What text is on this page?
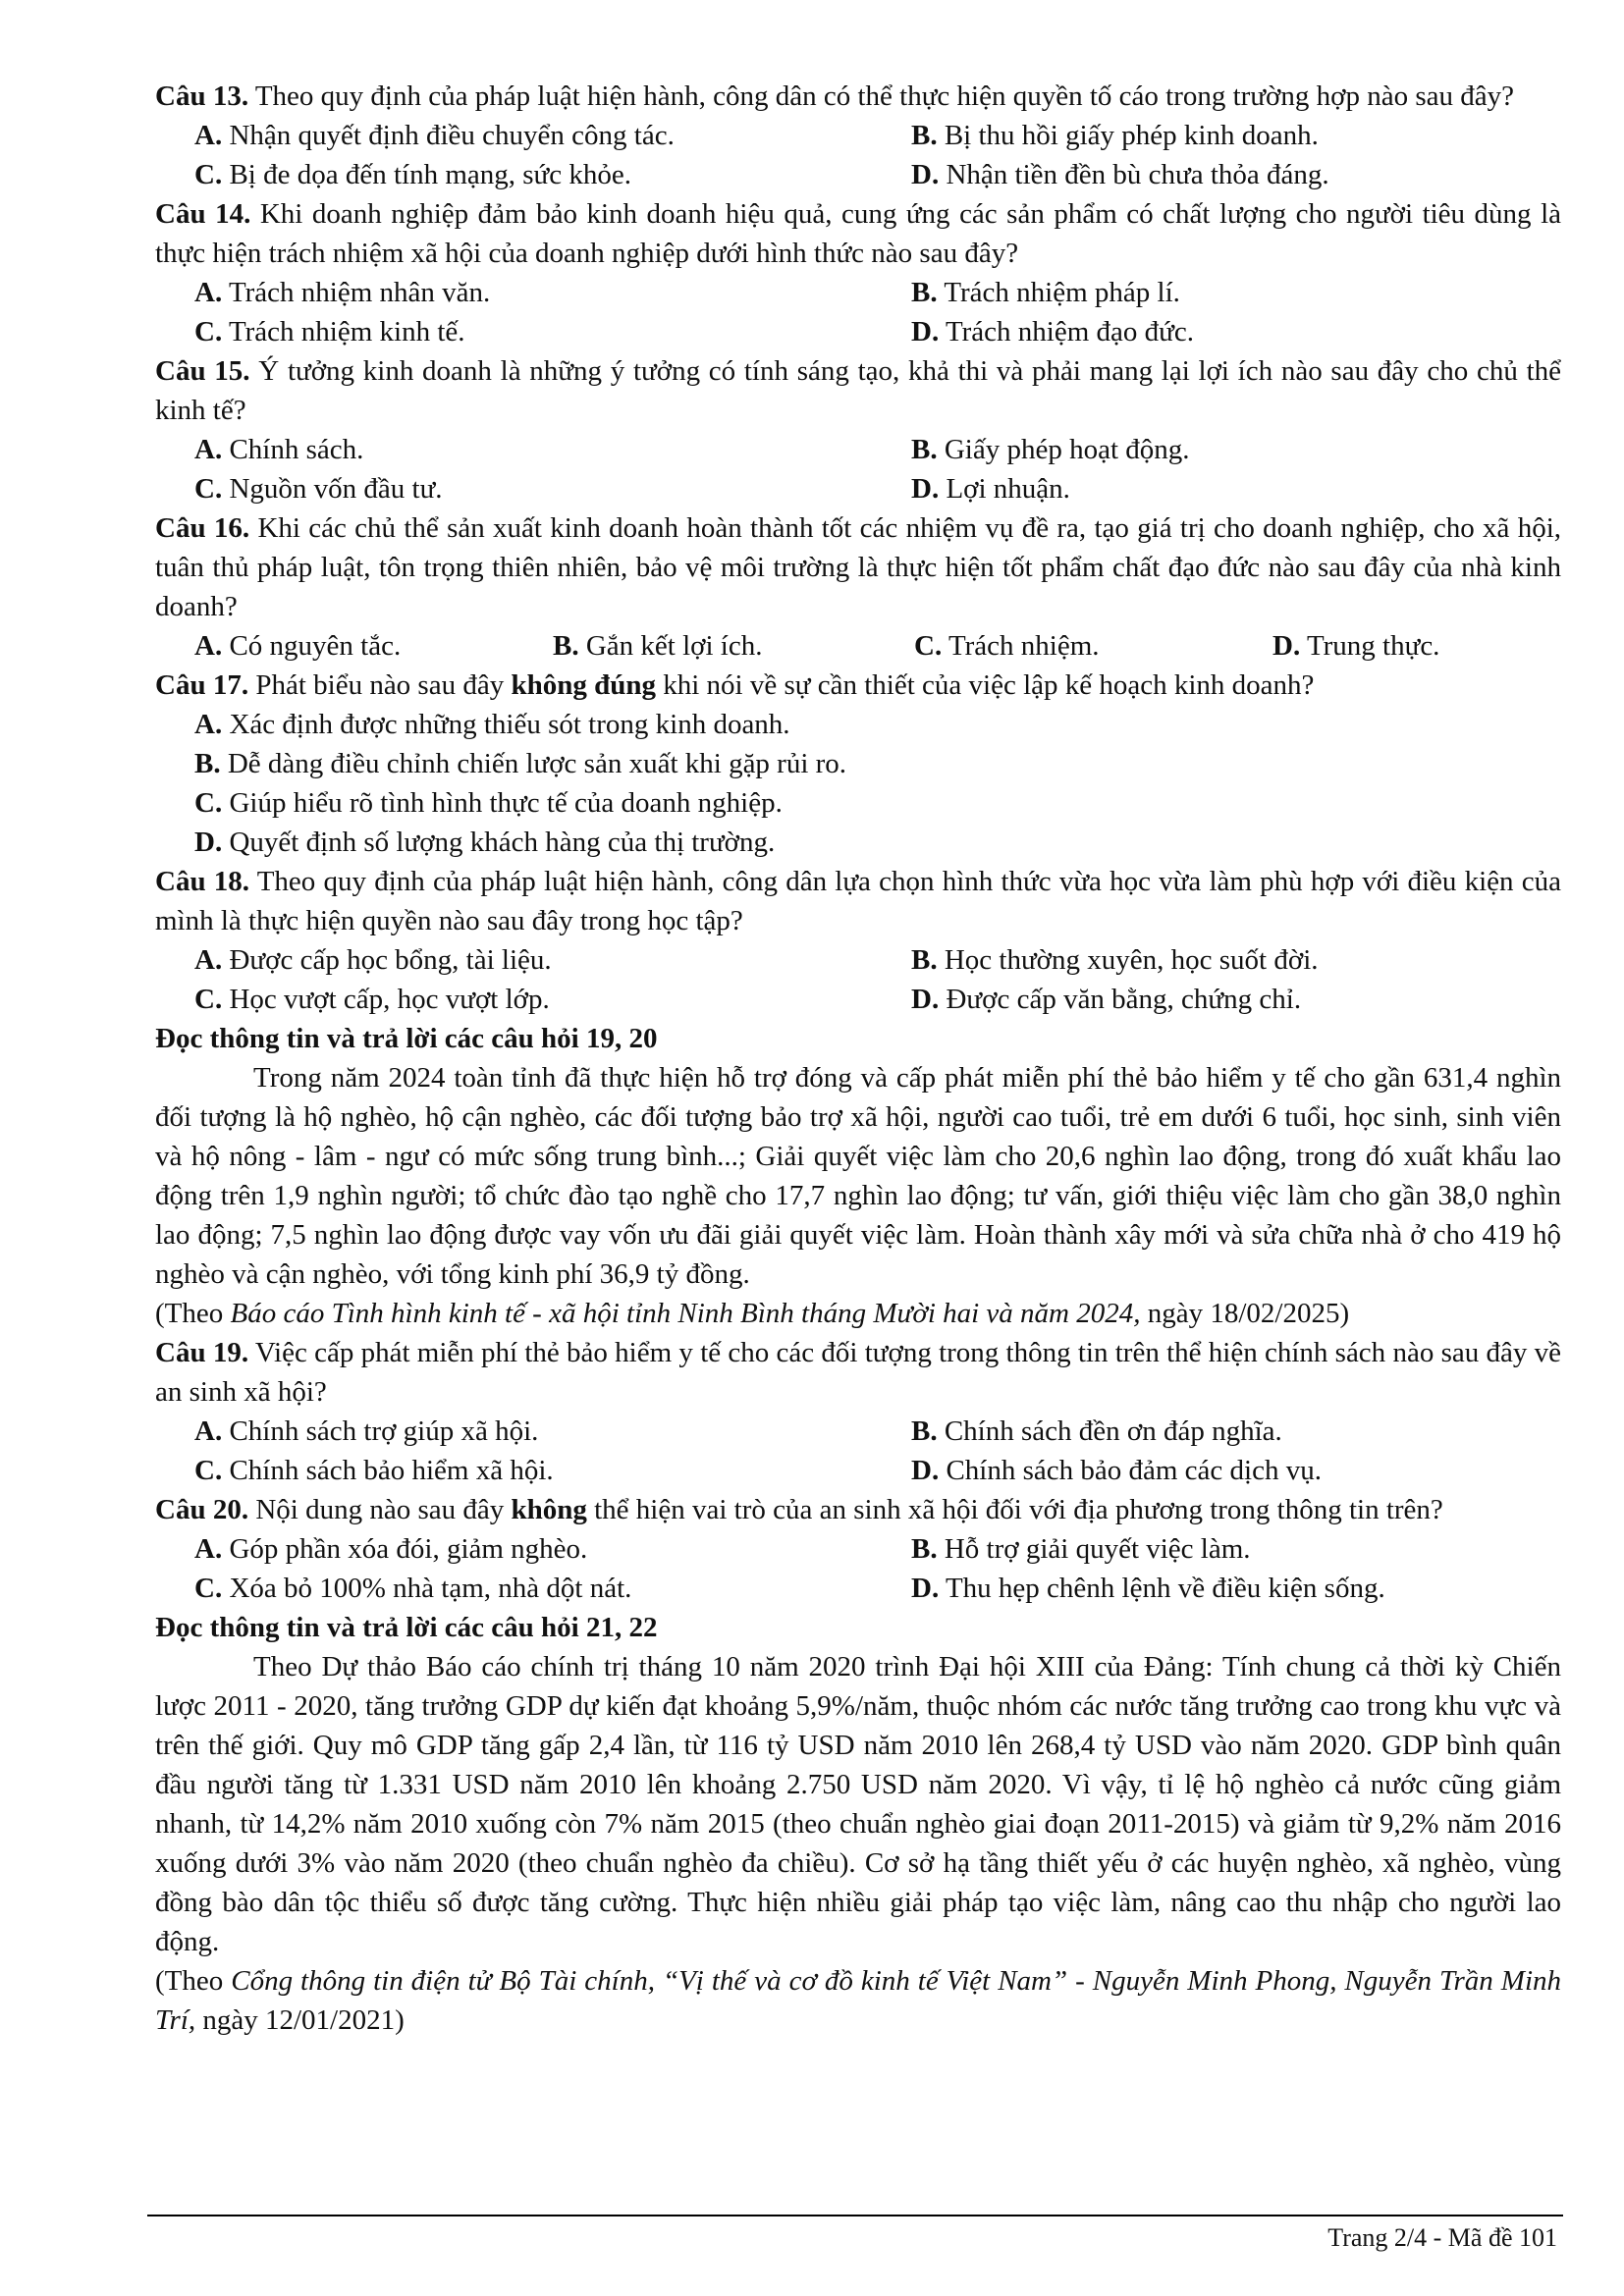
Câu 13. Theo quy định của pháp luật hiện hành, công dân có thể thực hiện quyền tố cáo trong trường hợp nào sau đây?
A. Nhận quyết định điều chuyển công tác.	B. Bị thu hồi giấy phép kinh doanh.
C. Bị đe dọa đến tính mạng, sức khỏe.	D. Nhận tiền đền bù chưa thỏa đáng.
Câu 14. Khi doanh nghiệp đảm bảo kinh doanh hiệu quả, cung ứng các sản phẩm có chất lượng cho người tiêu dùng là thực hiện trách nhiệm xã hội của doanh nghiệp dưới hình thức nào sau đây?
A. Trách nhiệm nhân văn.	B. Trách nhiệm pháp lí.
C. Trách nhiệm kinh tế.	D. Trách nhiệm đạo đức.
Câu 15. Ý tưởng kinh doanh là những ý tưởng có tính sáng tạo, khả thi và phải mang lại lợi ích nào sau đây cho chủ thể kinh tế?
A. Chính sách.	B. Giấy phép hoạt động.
C. Nguồn vốn đầu tư.	D. Lợi nhuận.
Câu 16. Khi các chủ thể sản xuất kinh doanh hoàn thành tốt các nhiệm vụ đề ra, tạo giá trị cho doanh nghiệp, cho xã hội, tuân thủ pháp luật, tôn trọng thiên nhiên, bảo vệ môi trường là thực hiện tốt phẩm chất đạo đức nào sau đây của nhà kinh doanh?
A. Có nguyên tắc.	B. Gắn kết lợi ích.	C. Trách nhiệm.	D. Trung thực.
Câu 17. Phát biểu nào sau đây không đúng khi nói về sự cần thiết của việc lập kế hoạch kinh doanh?
A. Xác định được những thiếu sót trong kinh doanh.
B. Dễ dàng điều chỉnh chiến lược sản xuất khi gặp rủi ro.
C. Giúp hiểu rõ tình hình thực tế của doanh nghiệp.
D. Quyết định số lượng khách hàng của thị trường.
Câu 18. Theo quy định của pháp luật hiện hành, công dân lựa chọn hình thức vừa học vừa làm phù hợp với điều kiện của mình là thực hiện quyền nào sau đây trong học tập?
A. Được cấp học bổng, tài liệu.	B. Học thường xuyên, học suốt đời.
C. Học vượt cấp, học vượt lớp.	D. Được cấp văn bằng, chứng chỉ.
Đọc thông tin và trả lời các câu hỏi 19, 20
Trong năm 2024 toàn tỉnh đã thực hiện hỗ trợ đóng và cấp phát miễn phí thẻ bảo hiểm y tế cho gần 631,4 nghìn đối tượng là hộ nghèo, hộ cận nghèo, các đối tượng bảo trợ xã hội, người cao tuổi, trẻ em dưới 6 tuổi, học sinh, sinh viên và hộ nông - lâm - ngư có mức sống trung bình...; Giải quyết việc làm cho 20,6 nghìn lao động, trong đó xuất khẩu lao động trên 1,9 nghìn người; tổ chức đào tạo nghề cho 17,7 nghìn lao động; tư vấn, giới thiệu việc làm cho gần 38,0 nghìn lao động; 7,5 nghìn lao động được vay vốn ưu đãi giải quyết việc làm. Hoàn thành xây mới và sửa chữa nhà ở cho 419 hộ nghèo và cận nghèo, với tổng kinh phí 36,9 tỷ đồng.
(Theo Báo cáo Tình hình kinh tế - xã hội tỉnh Ninh Bình tháng Mười hai và năm 2024, ngày 18/02/2025)
Câu 19. Việc cấp phát miễn phí thẻ bảo hiểm y tế cho các đối tượng trong thông tin trên thể hiện chính sách nào sau đây về an sinh xã hội?
A. Chính sách trợ giúp xã hội.	B. Chính sách đền ơn đáp nghĩa.
C. Chính sách bảo hiểm xã hội.	D. Chính sách bảo đảm các dịch vụ.
Câu 20. Nội dung nào sau đây không thể hiện vai trò của an sinh xã hội đối với địa phương trong thông tin trên?
A. Góp phần xóa đói, giảm nghèo.	B. Hỗ trợ giải quyết việc làm.
C. Xóa bỏ 100% nhà tạm, nhà dột nát.	D. Thu hẹp chênh lệnh về điều kiện sống.
Đọc thông tin và trả lời các câu hỏi 21, 22
Theo Dự thảo Báo cáo chính trị tháng 10 năm 2020 trình Đại hội XIII của Đảng: Tính chung cả thời kỳ Chiến lược 2011 - 2020, tăng trưởng GDP dự kiến đạt khoảng 5,9%/năm, thuộc nhóm các nước tăng trưởng cao trong khu vực và trên thế giới. Quy mô GDP tăng gấp 2,4 lần, từ 116 tỷ USD năm 2010 lên 268,4 tỷ USD vào năm 2020. GDP bình quân đầu người tăng từ 1.331 USD năm 2010 lên khoảng 2.750 USD năm 2020. Vì vậy, tỉ lệ hộ nghèo cả nước cũng giảm nhanh, từ 14,2% năm 2010 xuống còn 7% năm 2015 (theo chuẩn nghèo giai đoạn 2011-2015) và giảm từ 9,2% năm 2016 xuống dưới 3% vào năm 2020 (theo chuẩn nghèo đa chiều). Cơ sở hạ tầng thiết yếu ở các huyện nghèo, xã nghèo, vùng đồng bào dân tộc thiểu số được tăng cường. Thực hiện nhiều giải pháp tạo việc làm, nâng cao thu nhập cho người lao động.
(Theo Cổng thông tin điện tử Bộ Tài chính, “Vị thế và cơ đồ kinh tế Việt Nam” - Nguyễn Minh Phong, Nguyễn Trần Minh Trí, ngày 12/01/2021)
Trang 2/4 - Mã đề 101
